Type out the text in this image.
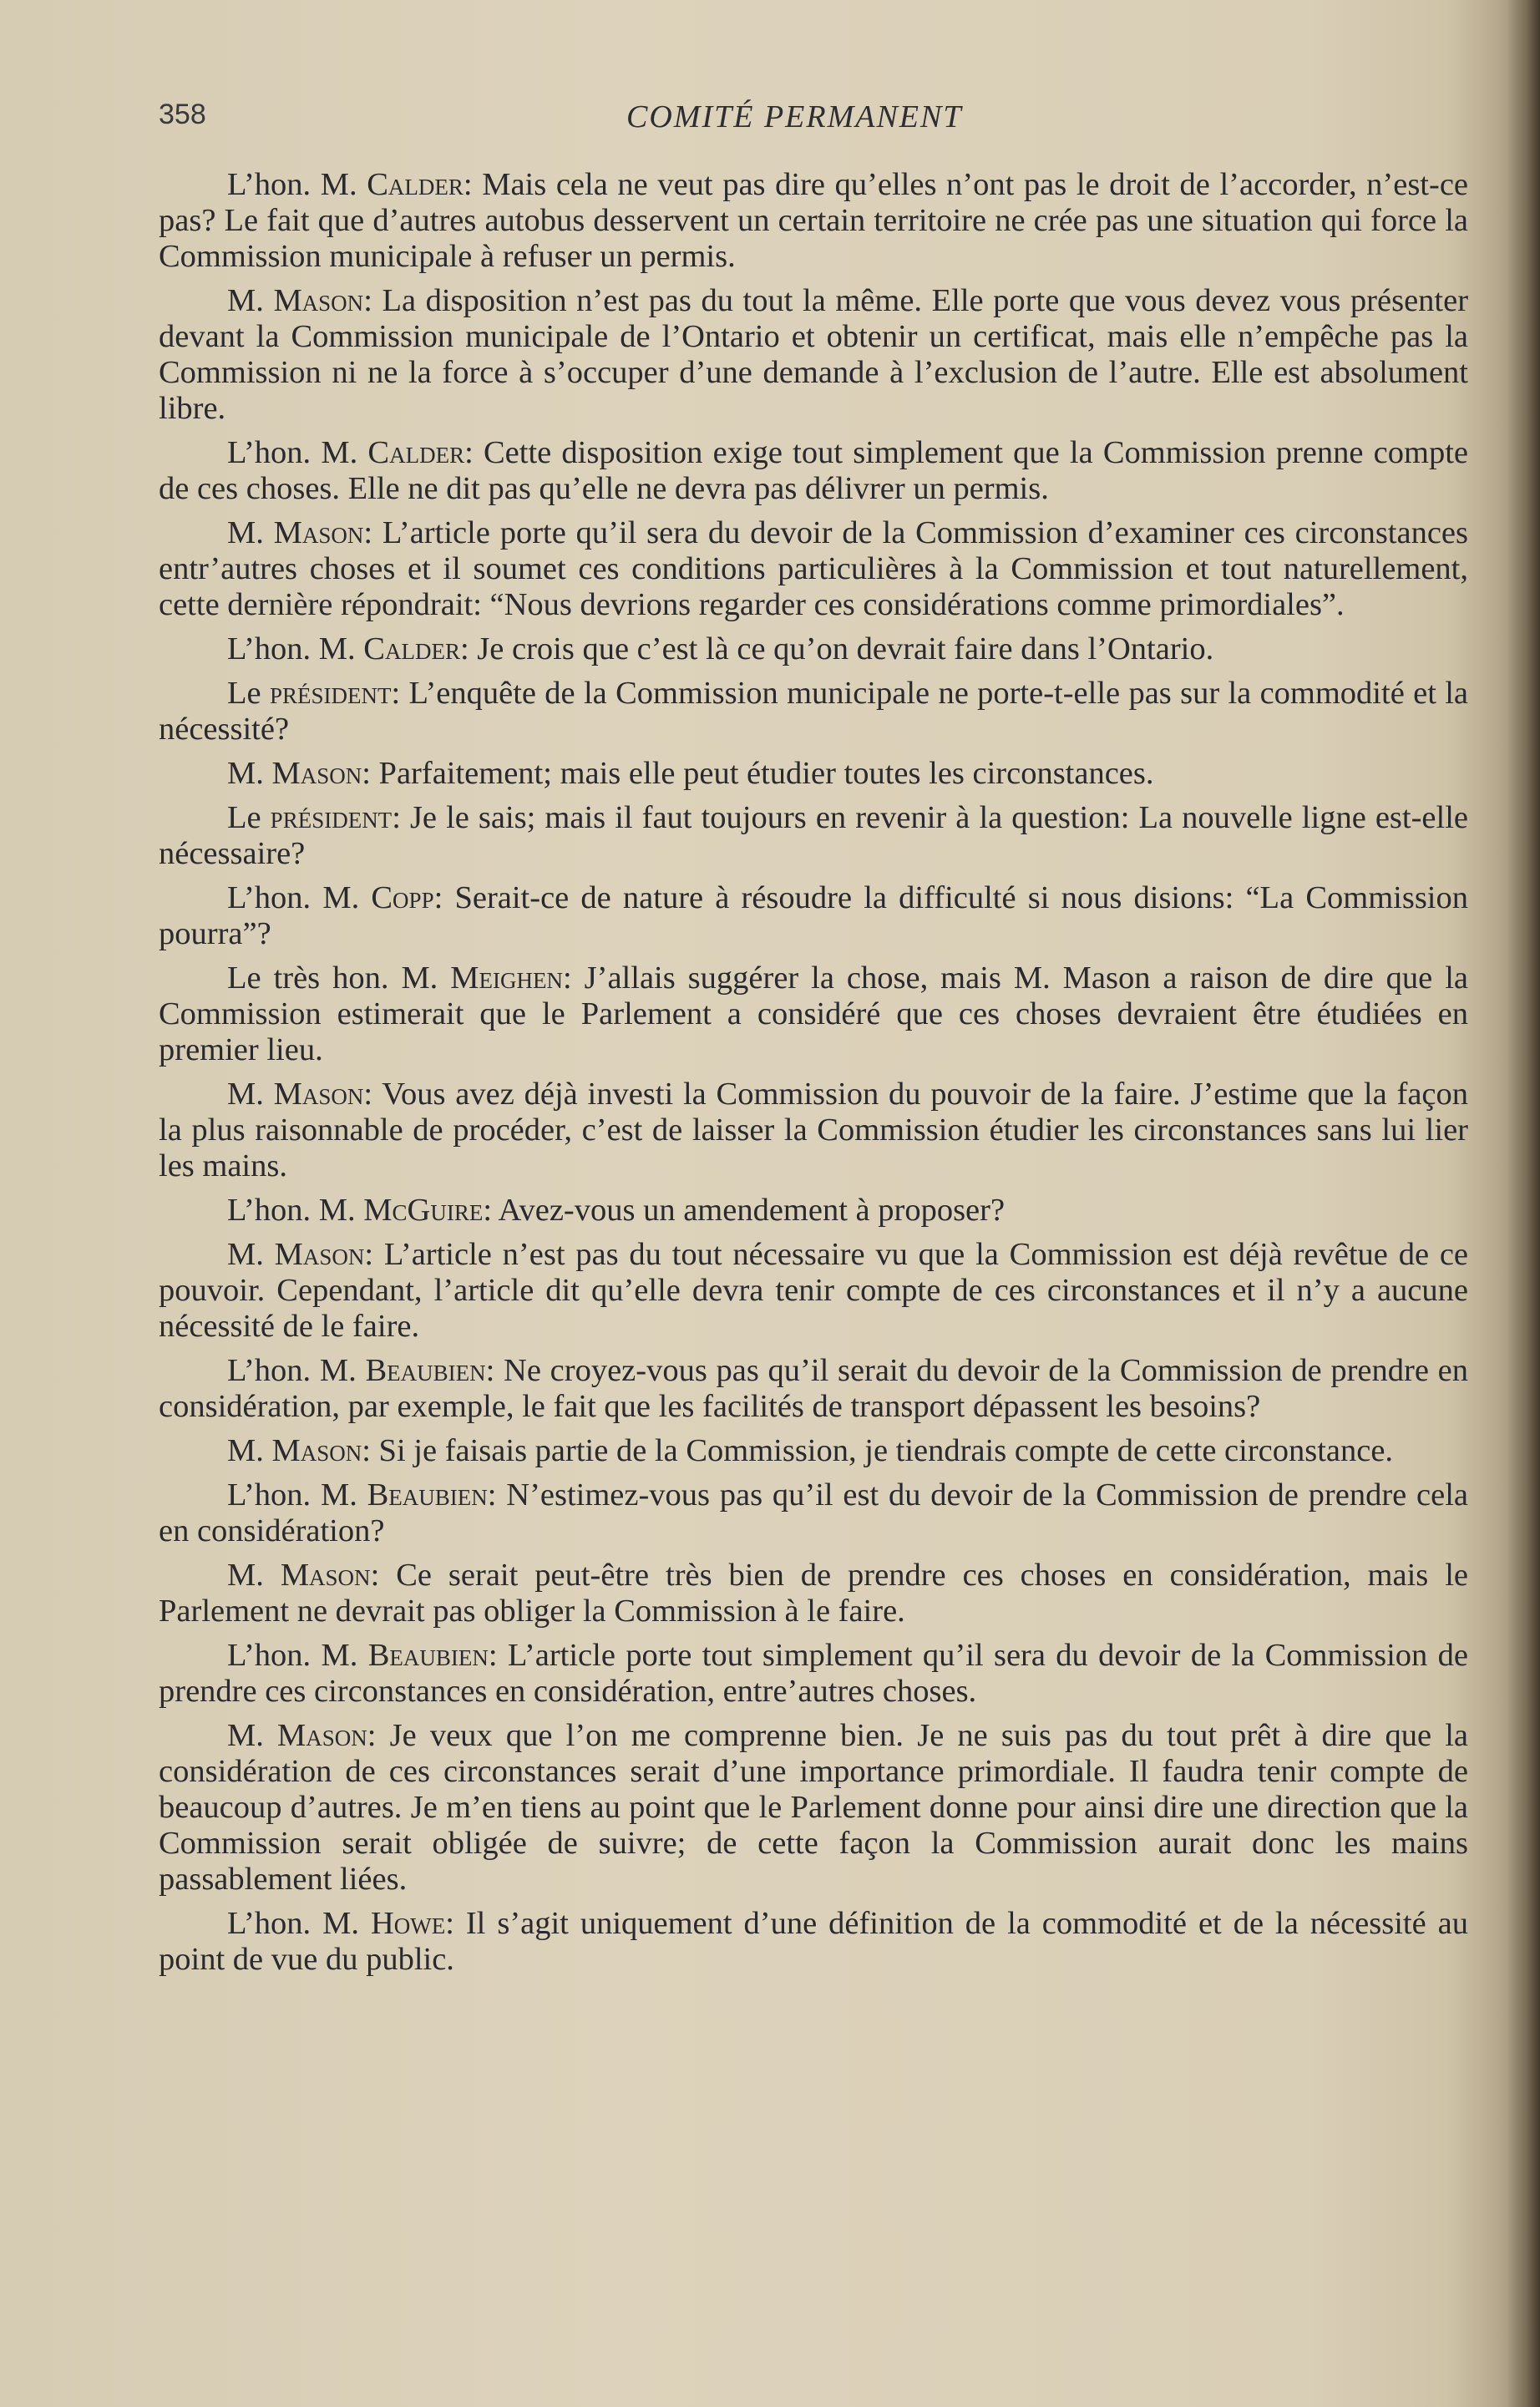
358	COMITÉ PERMANENT

L’hon. M. Calder: Mais cela ne veut pas dire qu’elles n’ont pas le droit de l’accorder, n’est-ce pas? Le fait que d’autres autobus desservent un certain territoire ne crée pas une situation qui force la Commission municipale à refuser un permis.

M. Mason: La disposition n’est pas du tout la même. Elle porte que vous devez vous présenter devant la Commission municipale de l’Ontario et obtenir un certificat, mais elle n’empêche pas la Commission ni ne la force à s’occuper d’une demande à l’exclusion de l’autre. Elle est absolument libre.

L’hon. M. Calder: Cette disposition exige tout simplement que la Commission prenne compte de ces choses. Elle ne dit pas qu’elle ne devra pas délivrer un permis.

M. Mason: L’article porte qu’il sera du devoir de la Commission d’examiner ces circonstances entr’autres choses et il soumet ces conditions particulières à la Commission et tout naturellement, cette dernière répondrait: “Nous devrions regarder ces considérations comme primordiales”.

L’hon. M. Calder: Je crois que c’est là ce qu’on devrait faire dans l’Ontario.

Le président: L’enquête de la Commission municipale ne porte-t-elle pas sur la commodité et la nécessité?

M. Mason: Parfaitement; mais elle peut étudier toutes les circonstances.

Le président: Je le sais; mais il faut toujours en revenir à la question: La nouvelle ligne est-elle nécessaire?

L’hon. M. Copp: Serait-ce de nature à résoudre la difficulté si nous disions: “La Commission pourra”?

Le très hon. M. Meighen: J’allais suggérer la chose, mais M. Mason a raison de dire que la Commission estimerait que le Parlement a considéré que ces choses devraient être étudiées en premier lieu.

M. Mason: Vous avez déjà investi la Commission du pouvoir de la faire. J’estime que la façon la plus raisonnable de procéder, c’est de laisser la Commission étudier les circonstances sans lui lier les mains.

L’hon. M. McGuire: Avez-vous un amendement à proposer?

M. Mason: L’article n’est pas du tout nécessaire vu que la Commission est déjà revêtue de ce pouvoir. Cependant, l’article dit qu’elle devra tenir compte de ces circonstances et il n’y a aucune nécessité de le faire.

L’hon. M. Beaubien: Ne croyez-vous pas qu’il serait du devoir de la Commission de prendre en considération, par exemple, le fait que les facilités de transport dépassent les besoins?

M. Mason: Si je faisais partie de la Commission, je tiendrais compte de cette circonstance.

L’hon. M. Beaubien: N’estimez-vous pas qu’il est du devoir de la Commission de prendre cela en considération?

M. Mason: Ce serait peut-être très bien de prendre ces choses en considération, mais le Parlement ne devrait pas obliger la Commission à le faire.

L’hon. M. Beaubien: L’article porte tout simplement qu’il sera du devoir de la Commission de prendre ces circonstances en considération, entre’autres choses.

M. Mason: Je veux que l’on me comprenne bien. Je ne suis pas du tout prêt à dire que la considération de ces circonstances serait d’une importance primordiale. Il faudra tenir compte de beaucoup d’autres. Je m’en tiens au point que le Parlement donne pour ainsi dire une direction que la Commission serait obligée de suivre; de cette façon la Commission aurait donc les mains passablement liées.

L’hon. M. Howe: Il s’agit uniquement d’une définition de la commodité et de la nécessité au point de vue du public.
